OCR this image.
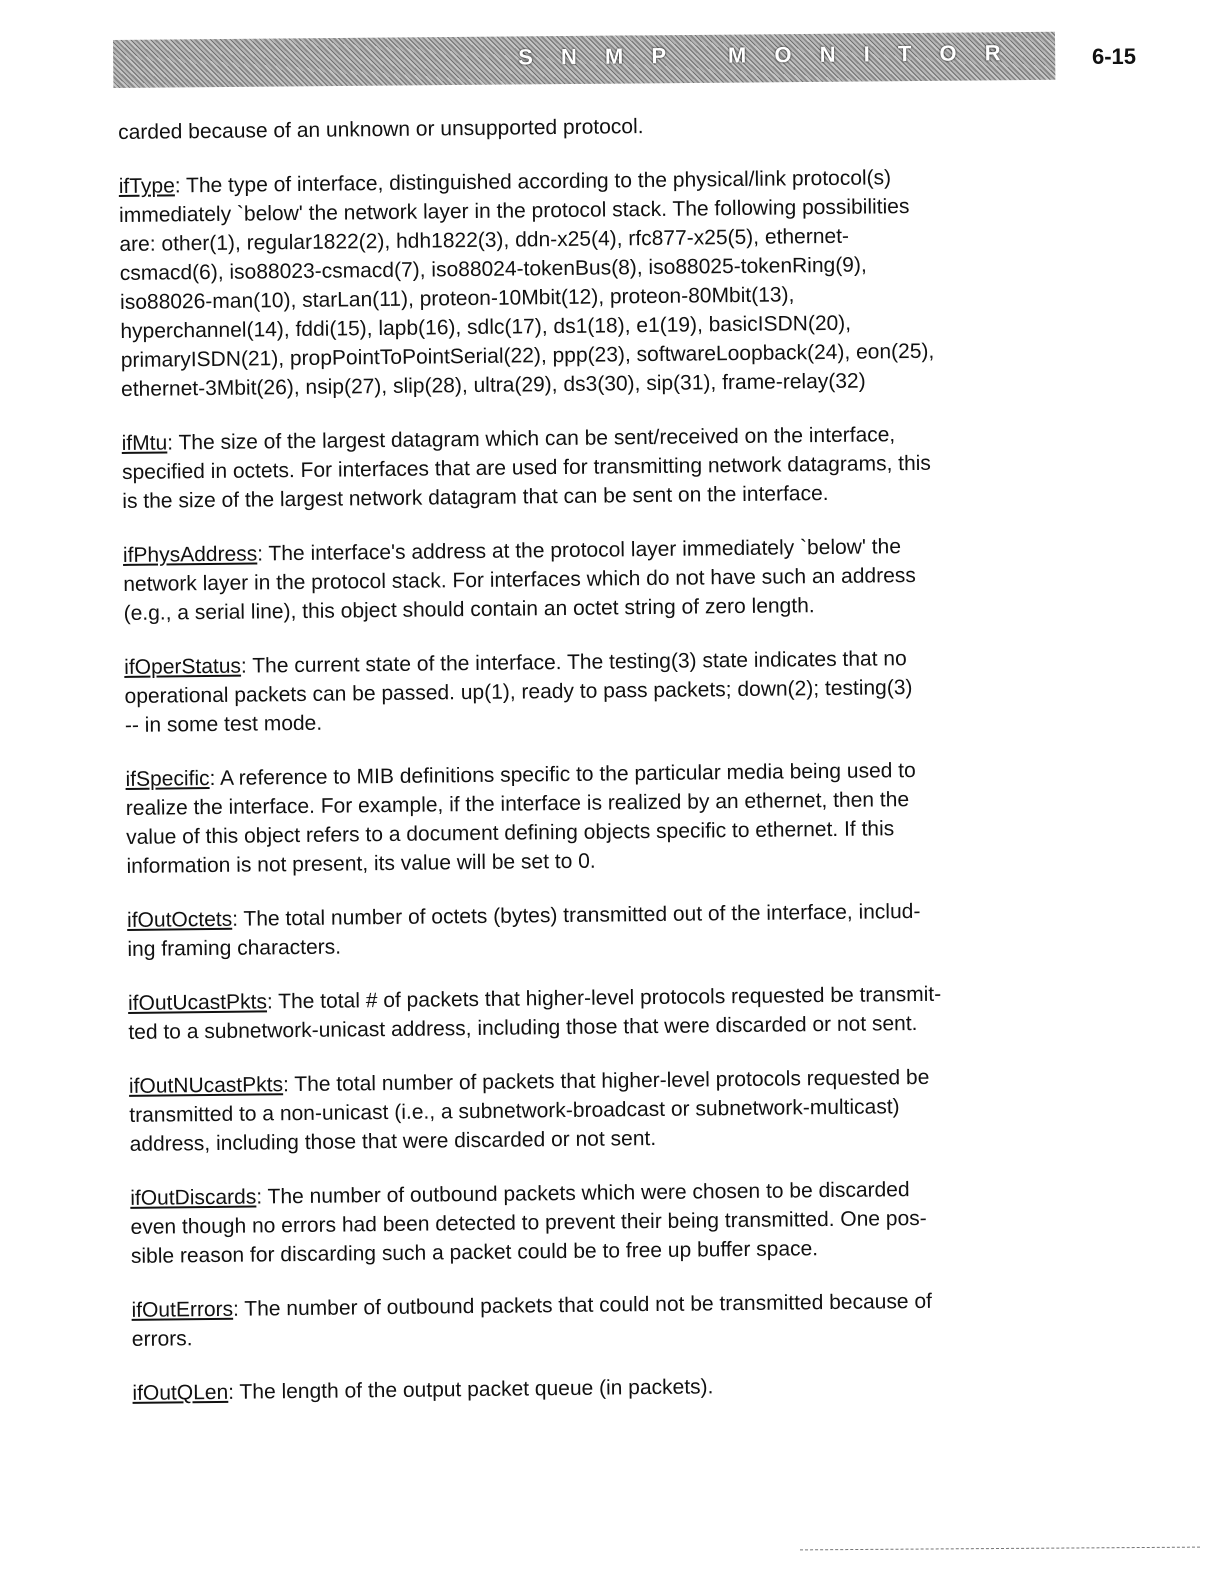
S N M P   M O N I T O R	6-15

carded because of an unknown or unsupported protocol.

ifType: The type of interface, distinguished according to the physical/link protocol(s)
immediately `below' the network layer in the protocol stack. The following possibilities
are: other(1), regular1822(2), hdh1822(3), ddn-x25(4), rfc877-x25(5), ethernet-
csmacd(6), iso88023-csmacd(7), iso88024-tokenBus(8), iso88025-tokenRing(9),
iso88026-man(10), starLan(11), proteon-10Mbit(12), proteon-80Mbit(13),
hyperchannel(14), fddi(15), lapb(16), sdlc(17), ds1(18), e1(19), basicISDN(20),
primaryISDN(21), propPointToPointSerial(22), ppp(23), softwareLoopback(24), eon(25),
ethernet-3Mbit(26), nsip(27), slip(28), ultra(29), ds3(30), sip(31), frame-relay(32)

ifMtu: The size of the largest datagram which can be sent/received on the interface,
specified in octets. For interfaces that are used for transmitting network datagrams, this
is the size of the largest network datagram that can be sent on the interface.

ifPhysAddress: The interface's address at the protocol layer immediately `below' the
network layer in the protocol stack. For interfaces which do not have such an address
(e.g., a serial line), this object should contain an octet string of zero length.

ifOperStatus: The current state of the interface. The testing(3) state indicates that no
operational packets can be passed. up(1), ready to pass packets; down(2); testing(3)
-- in some test mode.

ifSpecific: A reference to MIB definitions specific to the particular media being used to
realize the interface. For example, if the interface is realized by an ethernet, then the
value of this object refers to a document defining objects specific to ethernet. If this
information is not present, its value will be set to 0.

ifOutOctets: The total number of octets (bytes) transmitted out of the interface, includ-
ing framing characters.

ifOutUcastPkts: The total # of packets that higher-level protocols requested be transmit-
ted to a subnetwork-unicast address, including those that were discarded or not sent.

ifOutNUcastPkts: The total number of packets that higher-level protocols requested be
transmitted to a non-unicast (i.e., a subnetwork-broadcast or subnetwork-multicast)
address, including those that were discarded or not sent.

ifOutDiscards: The number of outbound packets which were chosen to be discarded
even though no errors had been detected to prevent their being transmitted. One pos-
sible reason for discarding such a packet could be to free up buffer space.

ifOutErrors: The number of outbound packets that could not be transmitted because of
errors.

ifOutQLen: The length of the output packet queue (in packets).
